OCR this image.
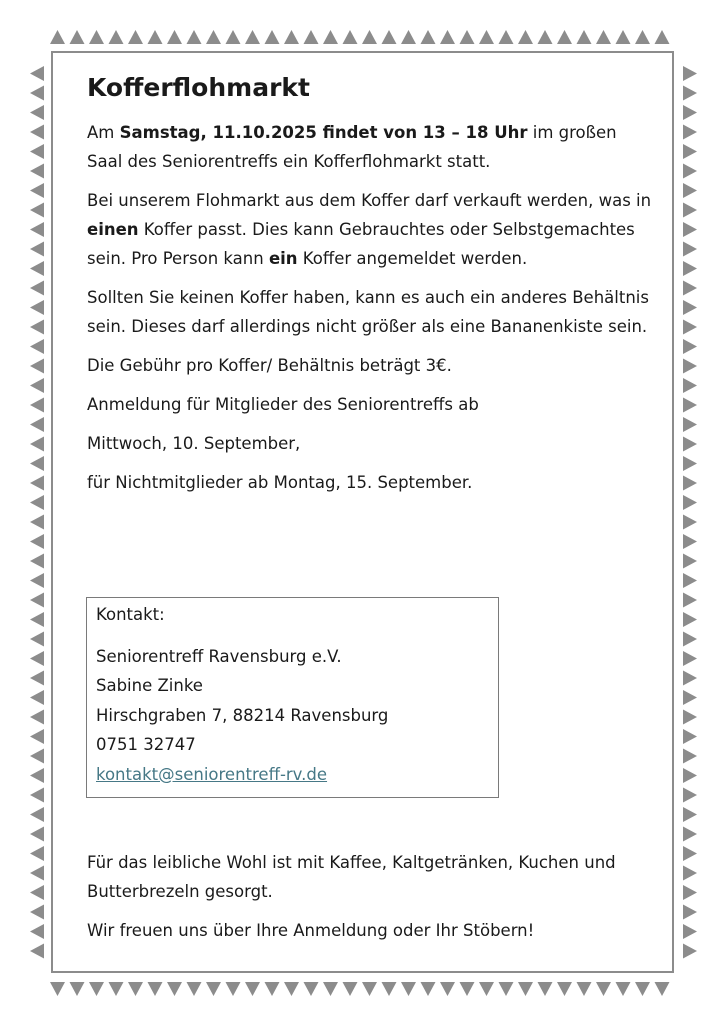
Kofferflohmarkt

Am Samstag, 11.10.2025 findet von 13 – 18 Uhr im großen Saal des Seniorentreffs ein Kofferflohmarkt statt.

Bei unserem Flohmarkt aus dem Koffer darf verkauft werden, was in einen Koffer passt. Dies kann Gebrauchtes oder Selbstgemachtes sein. Pro Person kann ein Koffer angemeldet werden.

Sollten Sie keinen Koffer haben, kann es auch ein anderes Behältnis sein. Dieses darf allerdings nicht größer als eine Bananenkiste sein.

Die Gebühr pro Koffer/ Behältnis beträgt 3€.

Anmeldung für Mitglieder des Seniorentreffs ab

Mittwoch, 10. September,

für Nichtmitglieder ab Montag, 15. September.

Kontakt:

Seniorentreff Ravensburg e.V.

Sabine Zinke

Hirschgraben 7, 88214 Ravensburg

0751 32747

kontakt@seniorentreff-rv.de

Für das leibliche Wohl ist mit Kaffee, Kaltgetränken, Kuchen und Butterbrezeln gesorgt.

Wir freuen uns über Ihre Anmeldung oder Ihr Stöbern!
